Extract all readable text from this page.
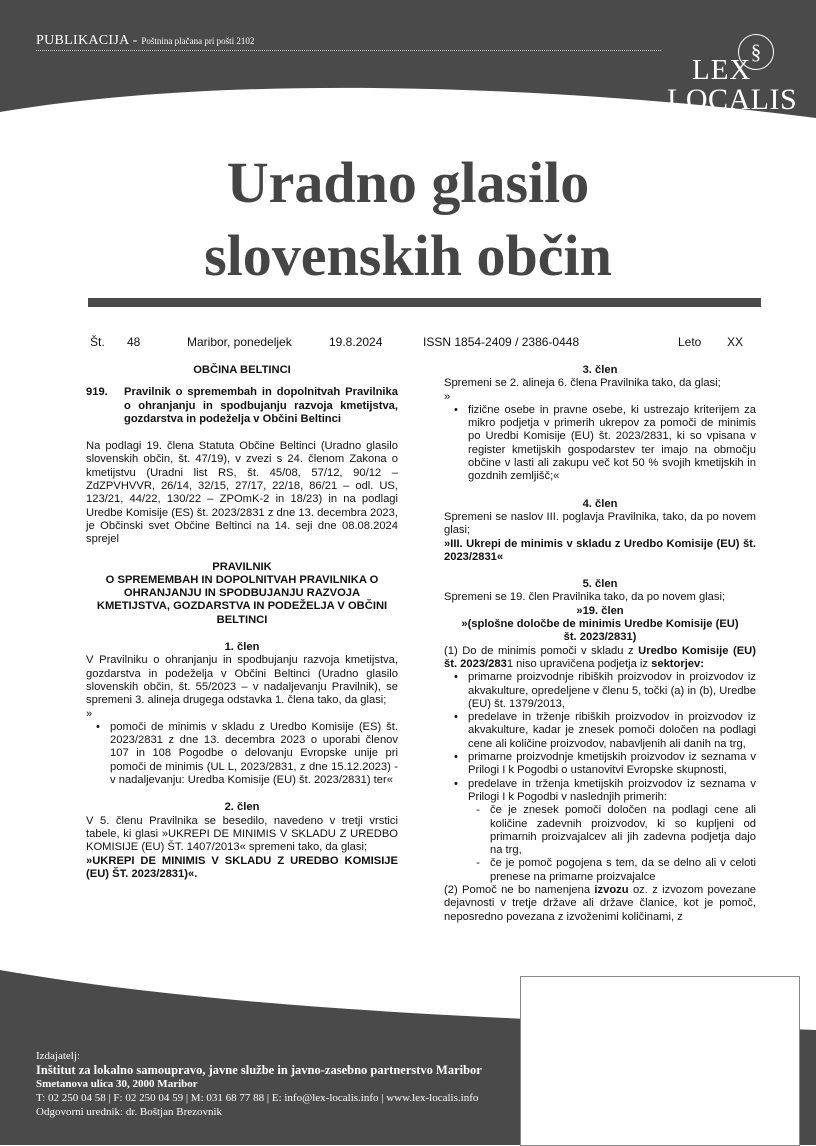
PUBLIKACIJA - Poštnina plačana pri pošti 2102	§
LEX
LOCALIS
Uradno glasilo
slovenskih občin
Št. 48	Maribor, ponedeljek	19.8.2024	ISSN 1854-2409 / 2386-0448	Leto XX

OBČINA BELTINCI

919.	Pravilnik o spremembah in dopolnitvah Pravilnika o ohranjanju in spodbujanju razvoja kmetijstva, gozdarstva in podeželja v Občini Beltinci

Na podlagi 19. člena Statuta Občine Beltinci (Uradno glasilo slovenskih občin, št. 47/19), v zvezi s 24. členom Zakona o kmetijstvu (Uradni list RS, št. 45/08, 57/12, 90/12 – ZdZPVHVVR, 26/14, 32/15, 27/17, 22/18, 86/21 – odl. US, 123/21, 44/22, 130/22 – ZPOmK-2 in 18/23) in na podlagi Uredbe Komisije (ES) št. 2023/2831 z dne 13. decembra 2023, je Občinski svet Občine Beltinci na 14. seji dne 08.08.2024 sprejel

PRAVILNIK

O SPREMEMBAH IN DOPOLNITVAH PRAVILNIKA O OHRANJANJU IN SPODBUJANJU RAZVOJA KMETIJSTVA, GOZDARSTVA IN PODEŽELJA V OBČINI BELTINCI

1. člen

V Pravilniku o ohranjanju in spodbujanju razvoja kmetijstva, gozdarstva in podeželja v Občini Beltinci (Uradno glasilo slovenskih občin, št. 55/2023 – v nadaljevanju Pravilnik), se spremeni 3. alineja drugega odstavka 1. člena tako, da glasi;

»

• pomoči de minimis v skladu z Uredbo Komisije (ES) št. 2023/2831 z dne 13. decembra 2023 o uporabi členov 107 in 108 Pogodbe o delovanju Evropske unije pri pomoči de minimis (UL L, 2023/2831, z dne 15.12.2023) - v nadaljevanju: Uredba Komisije (EU) št. 2023/2831) ter«

2. člen

V 5. členu Pravilnika se besedilo, navedeno v tretji vrstici tabele, ki glasi »UKREPI DE MINIMIS V SKLADU Z UREDBO KOMISIJE (EU) ŠT. 1407/2013« spremeni tako, da glasi;

»UKREPI DE MINIMIS V SKLADU Z UREDBO KOMISIJE (EU) ŠT. 2023/2831)«.

3. člen

Spremeni se 2. alineja 6. člena Pravilnika tako, da glasi;

»

• fizične osebe in pravne osebe, ki ustrezajo kriterijem za mikro podjetja v primerih ukrepov za pomoči de minimis po Uredbi Komisije (EU) št. 2023/2831, ki so vpisana v register kmetijskih gospodarstev ter imajo na območju občine v lasti ali zakupu več kot 50 % svojih kmetijskih in gozdnih zemljišč;«

4. člen

Spremeni se naslov III. poglavja Pravilnika, tako, da po novem glasi;

»III. Ukrepi de minimis v skladu z Uredbo Komisije (EU) št. 2023/2831«

5. člen

Spremeni se 19. člen Pravilnika tako, da po novem glasi;

»19. člen

»(splošne določbe de minimis Uredbe Komisije (EU) št. 2023/2831)

(1) Do de minimis pomoči v skladu z Uredbo Komisije (EU) št. 2023/2831 niso upravičena podjetja iz sektorjev:

• primarne proizvodnje ribiških proizvodov in proizvodov iz akvakulture, opredeljene v členu 5, točki (a) in (b), Uredbe (EU) št. 1379/2013,
• predelave in trženje ribiških proizvodov in proizvodov iz akvakulture, kadar je znesek pomoči določen na podlagi cene ali količine proizvodov, nabavljenih ali danih na trg,
• primarne proizvodnje kmetijskih proizvodov iz seznama v Prilogi I k Pogodbi o ustanovitvi Evropske skupnosti,
• predelave in trženja kmetijskih proizvodov iz seznama v Prilogi I k Pogodbi v naslednjih primerih:
- če je znesek pomoči določen na podlagi cene ali količine zadevnih proizvodov, ki so kupljeni od primarnih proizvajalcev ali jih zadevna podjetja dajo na trg,
- če je pomoč pogojena s tem, da se delno ali v celoti prenese na primarne proizvajalce

(2) Pomoč ne bo namenjena izvozu oz. z izvozom povezane dejavnosti v tretje države ali države članice, kot je pomoč, neposredno povezana z izvoženimi količinami, z

Izdajatelj:
Inštitut za lokalno samoupravo, javne službe in javno-zasebno partnerstvo Maribor
Smetanova ulica 30, 2000 Maribor
T: 02 250 04 58 | F: 02 250 04 59 | M: 031 68 77 88 | E: info@lex-localis.info | www.lex-localis.info
Odgovorni urednik: dr. Boštjan Brezovnik
